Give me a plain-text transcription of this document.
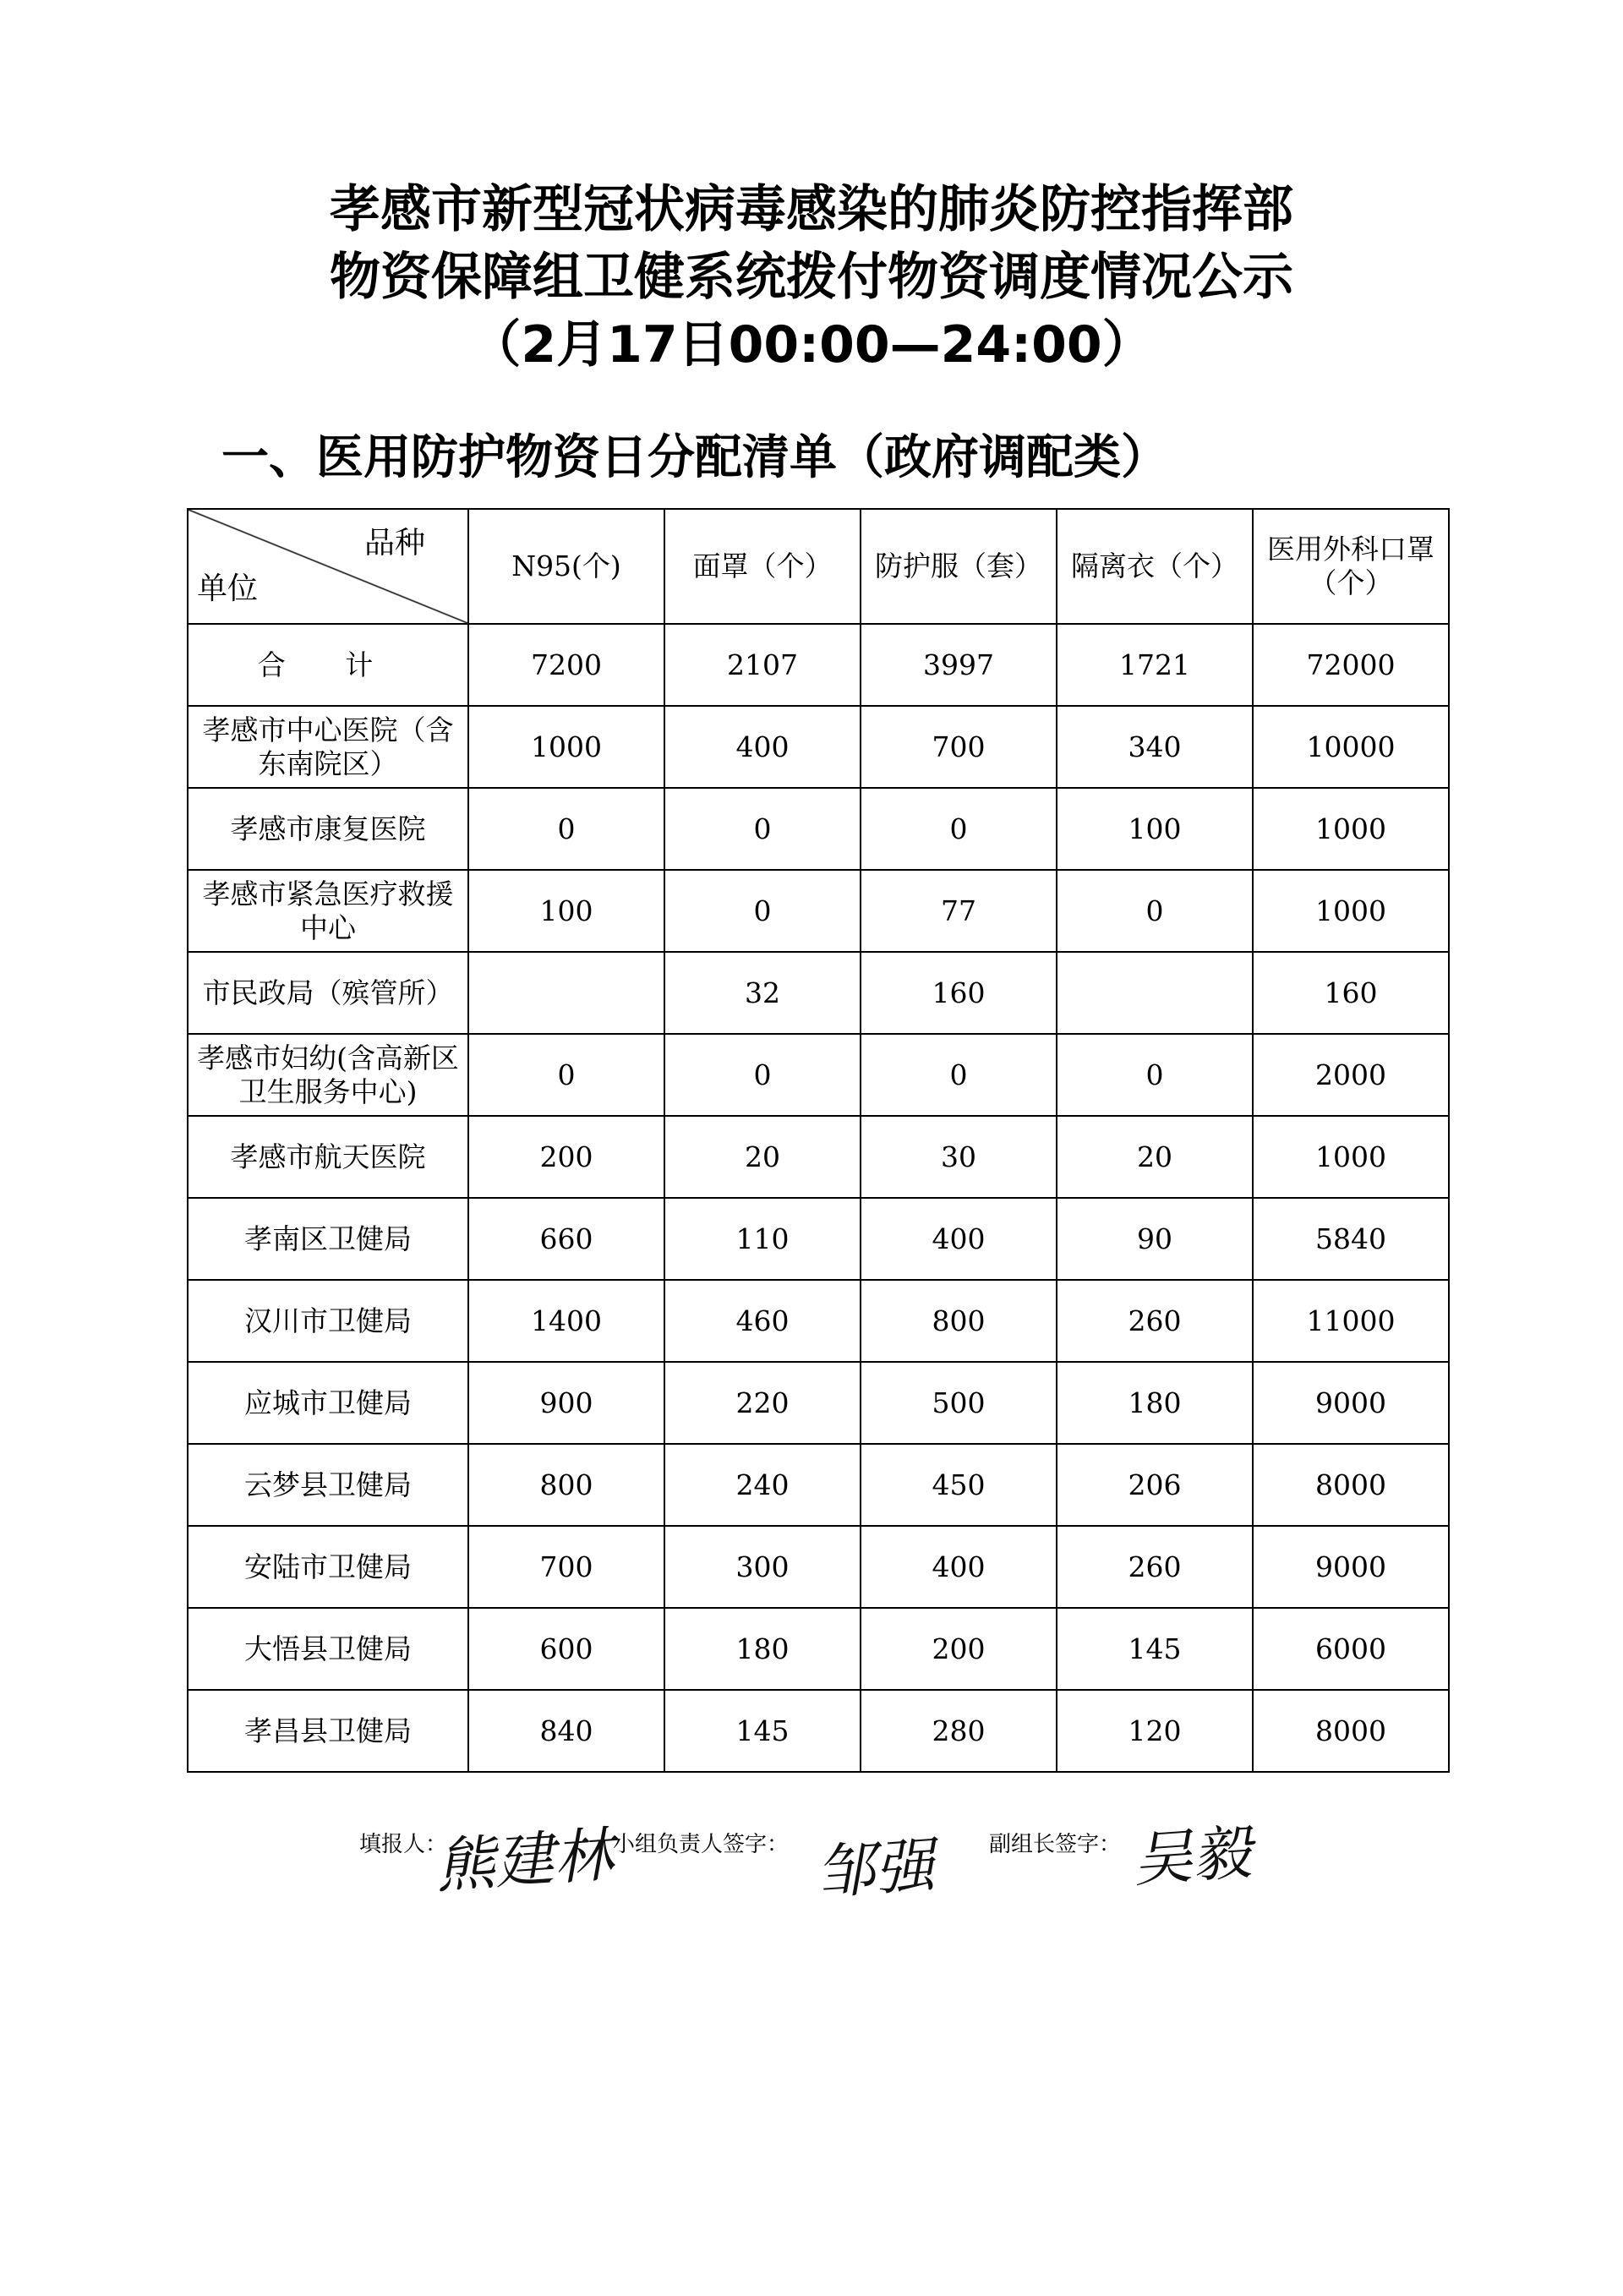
孝感市新型冠状病毒感染的肺炎防控指挥部
物资保障组卫健系统拨付物资调度情况公示
（2月17日00:00—24:00）
一、医用防护物资日分配清单（政府调配类）
品种
单位	N95(个)	面罩（个）	防护服（套）	隔离衣（个）	医用外科口罩（个）
合 计	7200	2107	3997	1721	72000
孝感市中心医院（含东南院区）	1000	400	700	340	10000
孝感市康复医院	0	0	0	100	1000
孝感市紧急医疗救援中心	100	0	77	0	1000
市民政局（殡管所）		32	160		160
孝感市妇幼(含高新区卫生服务中心)	0	0	0	0	2000
孝感市航天医院	200	20	30	20	1000
孝南区卫健局	660	110	400	90	5840
汉川市卫健局	1400	460	800	260	11000
应城市卫健局	900	220	500	180	9000
云梦县卫健局	800	240	450	206	8000
安陆市卫健局	700	300	400	260	9000
大悟县卫健局	600	180	200	145	6000
孝昌县卫健局	840	145	280	120	8000
填报人：
熊建林
小组负责人签字： 邹强 副组长签字： 吴毅
